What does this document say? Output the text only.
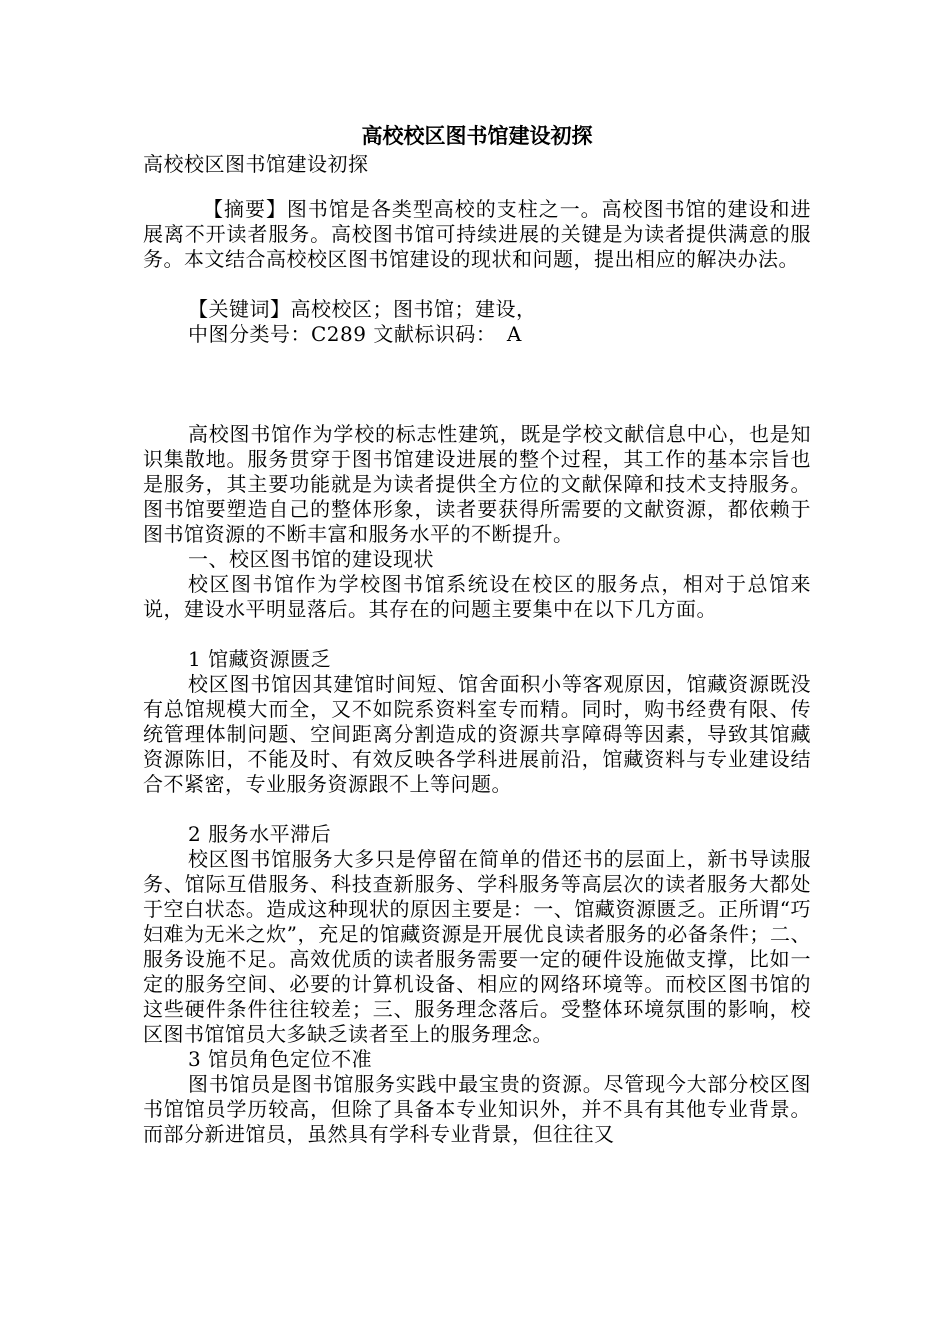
高校校区图书馆建设初探

高校校区图书馆建设初探

【摘要】图书馆是各类型高校的支柱之一。高校图书馆的建设和进展离不开读者服务。高校图书馆可持续进展的关键是为读者提供满意的服务。本文结合高校校区图书馆建设的现状和问题，提出相应的解决办法。

【关键词】高校校区；图书馆；建设，

中图分类号：C289 文献标识码：　A

高校图书馆作为学校的标志性建筑，既是学校文献信息中心，也是知识集散地。服务贯穿于图书馆建设进展的整个过程，其工作的基本宗旨也是服务，其主要功能就是为读者提供全方位的文献保障和技术支持服务。图书馆要塑造自己的整体形象，读者要获得所需要的文献资源，都依赖于图书馆资源的不断丰富和服务水平的不断提升。

一、校区图书馆的建设现状

校区图书馆作为学校图书馆系统设在校区的服务点，相对于总馆来说，建设水平明显落后。其存在的问题主要集中在以下几方面。

1 馆藏资源匮乏

校区图书馆因其建馆时间短、馆舍面积小等客观原因，馆藏资源既没有总馆规模大而全，又不如院系资料室专而精。同时，购书经费有限、传统管理体制问题、空间距离分割造成的资源共享障碍等因素，导致其馆藏资源陈旧，不能及时、有效反映各学科进展前沿，馆藏资料与专业建设结合不紧密，专业服务资源跟不上等问题。

2 服务水平滞后

校区图书馆服务大多只是停留在简单的借还书的层面上，新书导读服务、馆际互借服务、科技查新服务、学科服务等高层次的读者服务大都处于空白状态。造成这种现状的原因主要是：一、馆藏资源匮乏。正所谓“巧妇难为无米之炊”，充足的馆藏资源是开展优良读者服务的必备条件；二、服务设施不足。高效优质的读者服务需要一定的硬件设施做支撑，比如一定的服务空间、必要的计算机设备、相应的网络环境等。而校区图书馆的这些硬件条件往往较差；三、服务理念落后。受整体环境氛围的影响，校区图书馆馆员大多缺乏读者至上的服务理念。

3 馆员角色定位不准

图书馆员是图书馆服务实践中最宝贵的资源。尽管现今大部分校区图书馆馆员学历较高，但除了具备本专业知识外，并不具有其他专业背景。而部分新进馆员，虽然具有学科专业背景，但往往又
